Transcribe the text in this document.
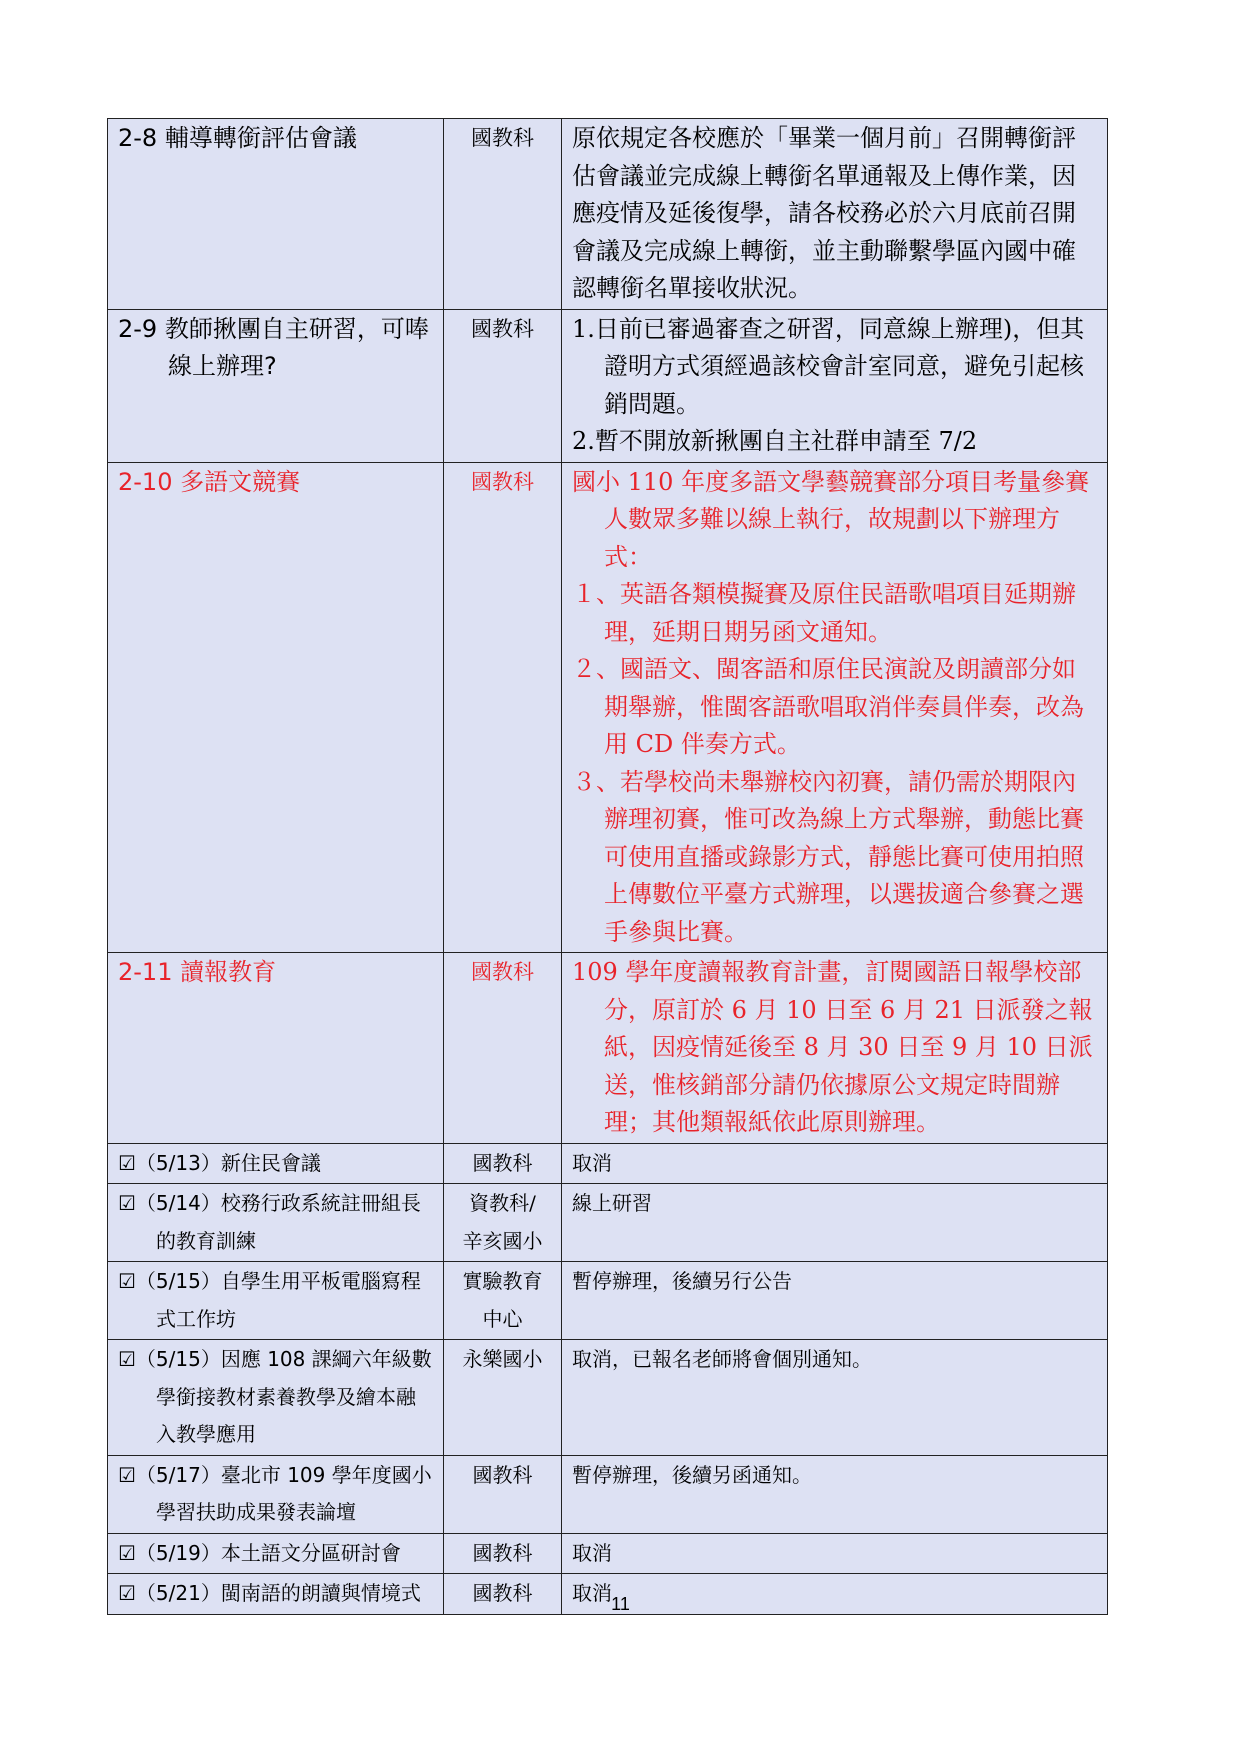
2-8 輔導轉銜評估會議	國教科	原依規定各校應於「畢業一個月前」召開轉銜評估會議並完成線上轉銜名單通報及上傳作業，因應疫情及延後復學，請各校務必於六月底前召開會議及完成線上轉銜，並主動聯繫學區內國中確認轉銜名單接收狀況。

2-9 教師揪團自主研習，可唪線上辦理?	國教科	1.日前已審過審查之研習，同意線上辦理)，但其證明方式須經過該校會計室同意，避免引起核銷問題。
2.暫不開放新揪團自主社群申請至 7/2

2-10 多語文競賽	國教科	國小 110 年度多語文學藝競賽部分項目考量參賽人數眾多難以線上執行，故規劃以下辦理方式：
１、英語各類模擬賽及原住民語歌唱項目延期辦理，延期日期另函文通知。
２、國語文、閩客語和原住民演說及朗讀部分如期舉辦，惟閩客語歌唱取消伴奏員伴奏，改為用 CD 伴奏方式。
３、若學校尚未舉辦校內初賽，請仍需於期限內辦理初賽，惟可改為線上方式舉辦，動態比賽可使用直播或錄影方式，靜態比賽可使用拍照上傳數位平臺方式辦理，以選拔適合參賽之選手參與比賽。

2-11 讀報教育	國教科	109 學年度讀報教育計畫，訂閱國語日報學校部分，原訂於 6 月 10 日至 6 月 21 日派發之報紙，因疫情延後至 8 月 30 日至 9 月 10 日派送，惟核銷部分請仍依據原公文規定時間辦理；其他類報紙依此原則辦理。

☑（5/13）新住民會議	國教科	取消

☑（5/14）校務行政系統註冊組長的教育訓練	資教科/辛亥國小	線上研習

☑（5/15）自學生用平板電腦寫程式工作坊	實驗教育中心	暫停辦理，後續另行公告

☑（5/15）因應 108 課綱六年級數學銜接教材素養教學及繪本融入教學應用	永樂國小	取消，已報名老師將會個別通知。

☑（5/17）臺北市 109 學年度國小學習扶助成果發表論壇	國教科	暫停辦理，後續另函通知。

☑（5/19）本土語文分區研討會	國教科	取消

☑（5/21）閩南語的朗讀與情境式	國教科	取消 11
